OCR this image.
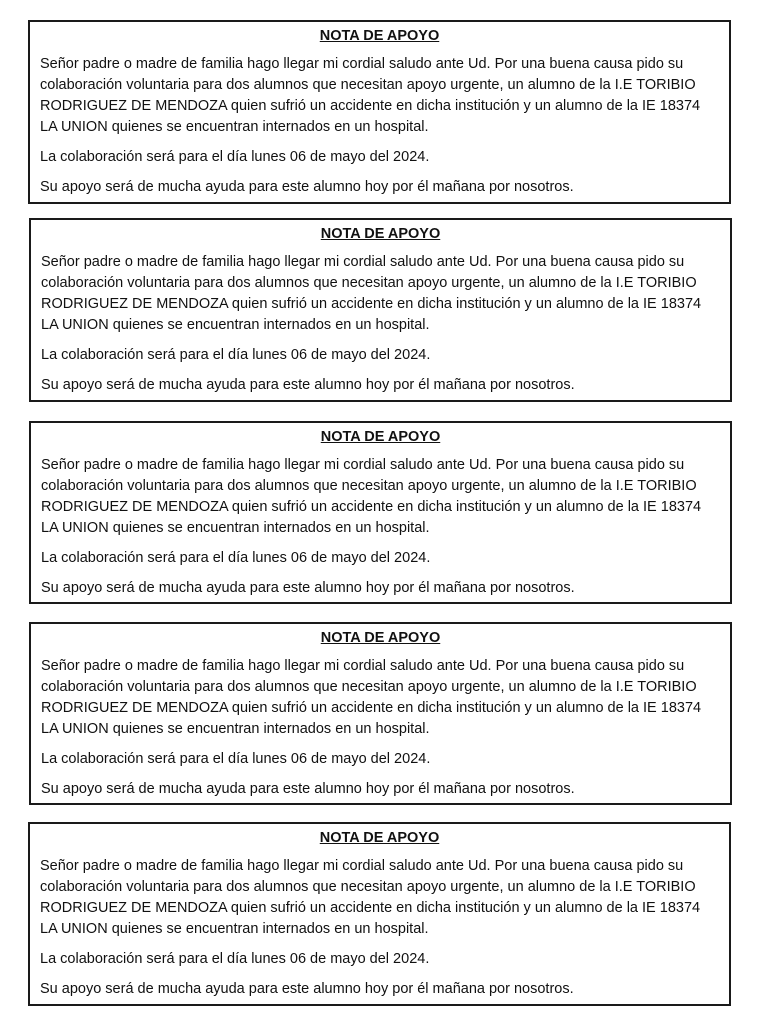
NOTA DE APOYO

Señor padre o madre de familia hago llegar mi cordial saludo ante Ud. Por una buena causa pido su colaboración voluntaria para dos alumnos que necesitan apoyo urgente, un alumno de la I.E TORIBIO RODRIGUEZ DE MENDOZA quien sufrió un accidente en dicha institución y un alumno de la IE 18374 LA UNION quienes se encuentran internados en un hospital.

La colaboración será para el día lunes 06 de mayo del 2024.

Su apoyo será de mucha ayuda para este alumno hoy por él mañana por nosotros.

NOTA DE APOYO

Señor padre o madre de familia hago llegar mi cordial saludo ante Ud. Por una buena causa pido su colaboración voluntaria para dos alumnos que necesitan apoyo urgente, un alumno de la I.E TORIBIO RODRIGUEZ DE MENDOZA quien sufrió un accidente en dicha institución y un alumno de la IE 18374 LA UNION quienes se encuentran internados en un hospital.

La colaboración será para el día lunes 06 de mayo del 2024.

Su apoyo será de mucha ayuda para este alumno hoy por él mañana por nosotros.

NOTA DE APOYO

Señor padre o madre de familia hago llegar mi cordial saludo ante Ud. Por una buena causa pido su colaboración voluntaria para dos alumnos que necesitan apoyo urgente, un alumno de la I.E TORIBIO RODRIGUEZ DE MENDOZA quien sufrió un accidente en dicha institución y un alumno de la IE 18374 LA UNION quienes se encuentran internados en un hospital.

La colaboración será para el día lunes 06 de mayo del 2024.

Su apoyo será de mucha ayuda para este alumno hoy por él mañana por nosotros.

NOTA DE APOYO

Señor padre o madre de familia hago llegar mi cordial saludo ante Ud. Por una buena causa pido su colaboración voluntaria para dos alumnos que necesitan apoyo urgente, un alumno de la I.E TORIBIO RODRIGUEZ DE MENDOZA quien sufrió un accidente en dicha institución y un alumno de la IE 18374 LA UNION quienes se encuentran internados en un hospital.

La colaboración será para el día lunes 06 de mayo del 2024.

Su apoyo será de mucha ayuda para este alumno hoy por él mañana por nosotros.

NOTA DE APOYO

Señor padre o madre de familia hago llegar mi cordial saludo ante Ud. Por una buena causa pido su colaboración voluntaria para dos alumnos que necesitan apoyo urgente, un alumno de la I.E TORIBIO RODRIGUEZ DE MENDOZA quien sufrió un accidente en dicha institución y un alumno de la IE 18374 LA UNION quienes se encuentran internados en un hospital.

La colaboración será para el día lunes 06 de mayo del 2024.

Su apoyo será de mucha ayuda para este alumno hoy por él mañana por nosotros.
